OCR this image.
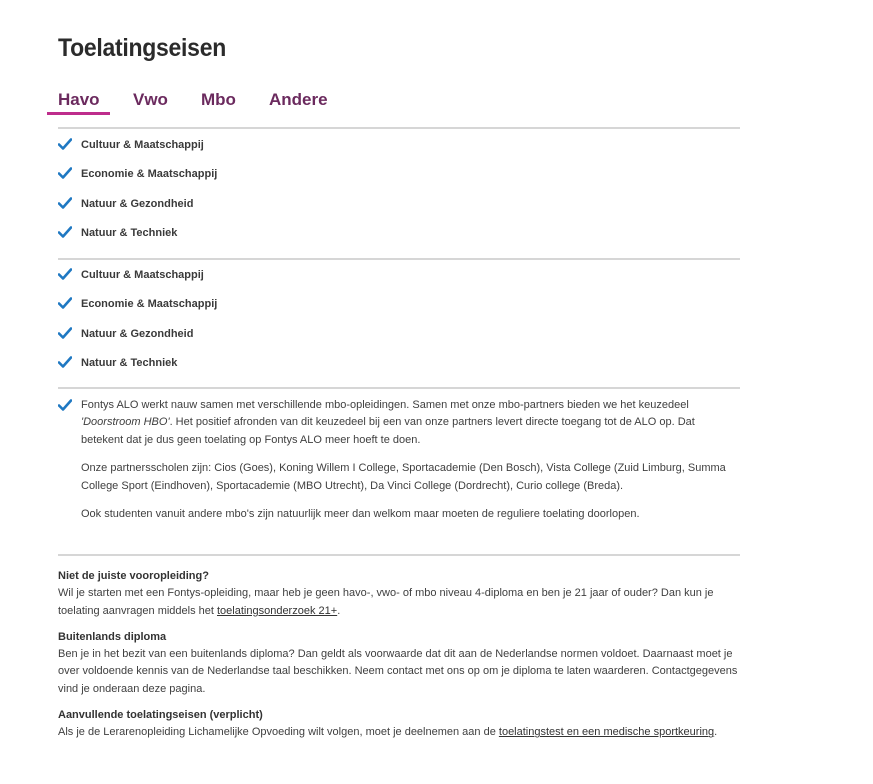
Toelatingseisen
Havo Vwo Mbo Andere
Cultuur & Maatschappij
Economie & Maatschappij
Natuur & Gezondheid
Natuur & Techniek
Cultuur & Maatschappij
Economie & Maatschappij
Natuur & Gezondheid
Natuur & Techniek

Fontys ALO werkt nauw samen met verschillende mbo-opleidingen. Samen met onze mbo-partners bieden we het keuzedeel 'Doorstroom HBO'. Het positief afronden van dit keuzedeel bij een van onze partners levert directe toegang tot de ALO op. Dat betekent dat je dus geen toelating op Fontys ALO meer hoeft te doen.

Onze partnersscholen zijn: Cios (Goes), Koning Willem I College, Sportacademie (Den Bosch), Vista College (Zuid Limburg, Summa College Sport (Eindhoven), Sportacademie (MBO Utrecht), Da Vinci College (Dordrecht), Curio college (Breda).

Ook studenten vanuit andere mbo's zijn natuurlijk meer dan welkom maar moeten de reguliere toelating doorlopen.

Niet de juiste vooropleiding?
Wil je starten met een Fontys-opleiding, maar heb je geen havo-, vwo- of mbo niveau 4-diploma en ben je 21 jaar of ouder? Dan kun je toelating aanvragen middels het toelatingsonderzoek 21+.

Buitenlands diploma
Ben je in het bezit van een buitenlands diploma? Dan geldt als voorwaarde dat dit aan de Nederlandse normen voldoet. Daarnaast moet je over voldoende kennis van de Nederlandse taal beschikken. Neem contact met ons op om je diploma te laten waarderen. Contactgegevens vind je onderaan deze pagina.

Aanvullende toelatingseisen (verplicht)
Als je de Lerarenopleiding Lichamelijke Opvoeding wilt volgen, moet je deelnemen aan de toelatingstest en een medische sportkeuring.
